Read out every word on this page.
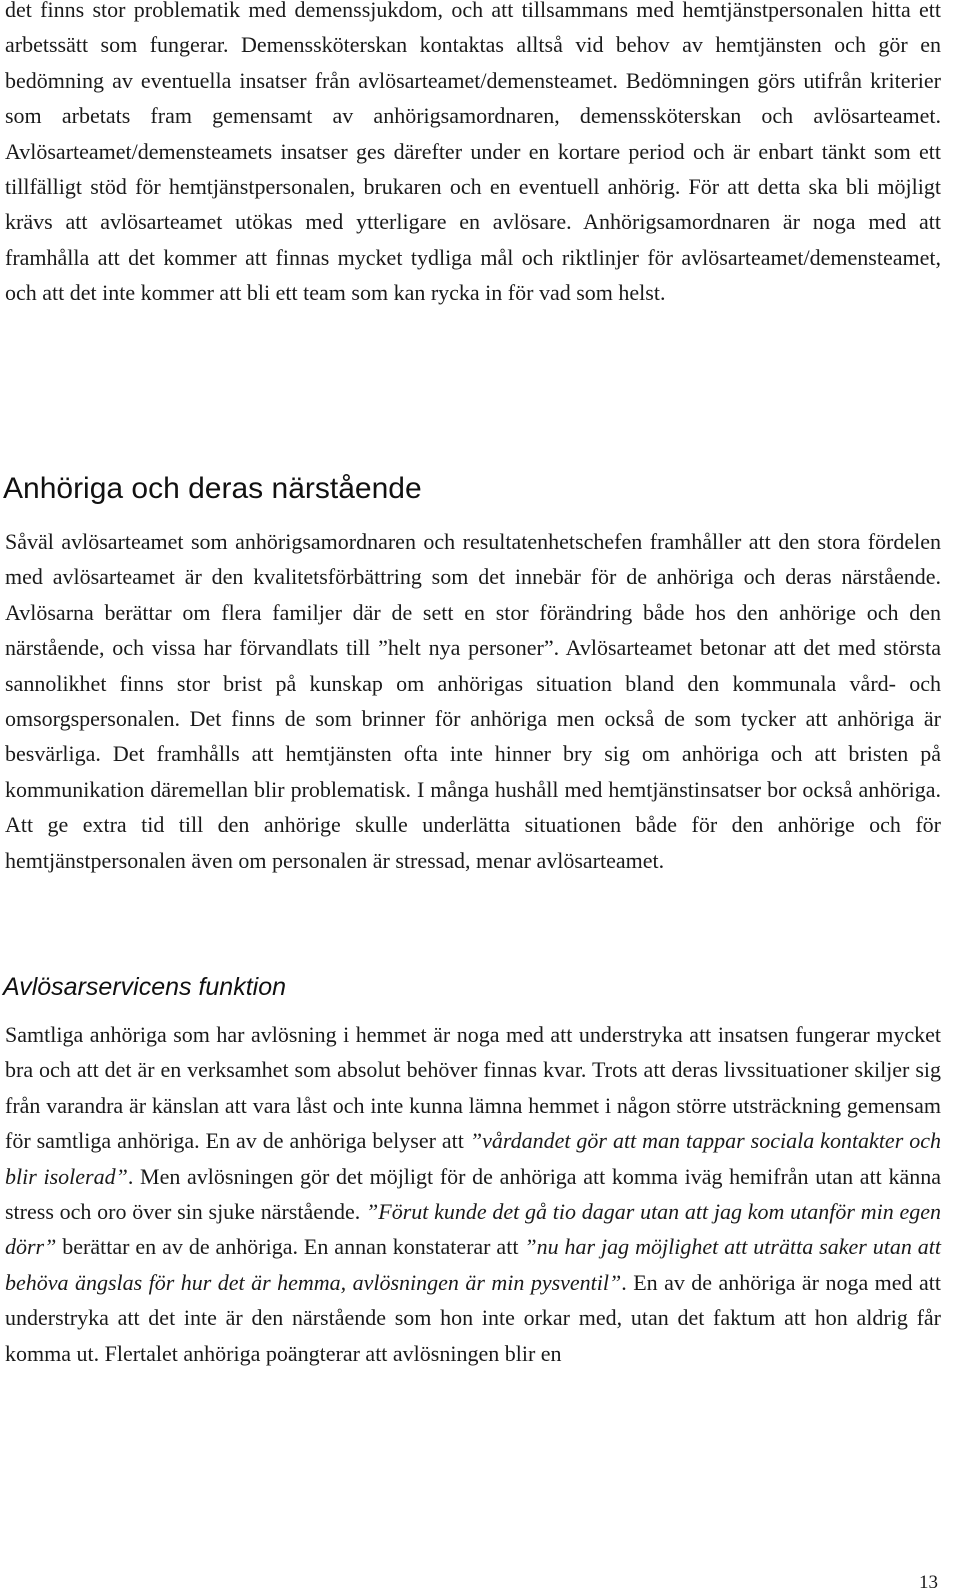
det finns stor problematik med demenssjukdom, och att tillsammans med hemtjänstpersonalen hitta ett arbetssätt som fungerar. Demenssköterskan kontaktas alltså vid behov av hemtjänsten och gör en bedömning av eventuella insatser från avlösarteamet/demensteamet. Bedömningen görs utifrån kriterier som arbetats fram gemensamt av anhörigsamordnaren, demenssköterskan och avlösarteamet. Avlösarteamet/demensteamets insatser ges därefter under en kortare period och är enbart tänkt som ett tillfälligt stöd för hemtjänstpersonalen, brukaren och en eventuell anhörig. För att detta ska bli möjligt krävs att avlösarteamet utökas med ytterligare en avlösare. Anhörigsamordnaren är noga med att framhålla att det kommer att finnas mycket tydliga mål och riktlinjer för avlösarteamet/demensteamet, och att det inte kommer att bli ett team som kan rycka in för vad som helst.

Anhöriga och deras närstående

Såväl avlösarteamet som anhörigsamordnaren och resultatenhetschefen framhåller att den stora fördelen med avlösarteamet är den kvalitetsförbättring som det innebär för de anhöriga och deras närstående. Avlösarna berättar om flera familjer där de sett en stor förändring både hos den anhörige och den närstående, och vissa har förvandlats till ”helt nya personer”. Avlösarteamet betonar att det med största sannolikhet finns stor brist på kunskap om anhörigas situation bland den kommunala vård- och omsorgspersonalen. Det finns de som brinner för anhöriga men också de som tycker att anhöriga är besvärliga. Det framhålls att hemtjänsten ofta inte hinner bry sig om anhöriga och att bristen på kommunikation däremellan blir problematisk. I många hushåll med hemtjänstinsatser bor också anhöriga. Att ge extra tid till den anhörige skulle underlätta situationen både för den anhörige och för hemtjänstpersonalen även om personalen är stressad, menar avlösarteamet.

Avlösarservicens funktion

Samtliga anhöriga som har avlösning i hemmet är noga med att understryka att insatsen fungerar mycket bra och att det är en verksamhet som absolut behöver finnas kvar. Trots att deras livssituationer skiljer sig från varandra är känslan att vara låst och inte kunna lämna hemmet i någon större utsträckning gemensam för samtliga anhöriga. En av de anhöriga belyser att ”vårdandet gör att man tappar sociala kontakter och blir isolerad”. Men avlösningen gör det möjligt för de anhöriga att komma iväg hemifrån utan att känna stress och oro över sin sjuke närstående. ”Förut kunde det gå tio dagar utan att jag kom utanför min egen dörr” berättar en av de anhöriga. En annan konstaterar att ”nu har jag möjlighet att uträtta saker utan att behöva ängslas för hur det är hemma, avlösningen är min pysventil”. En av de anhöriga är noga med att understryka att det inte är den närstående som hon inte orkar med, utan det faktum att hon aldrig får komma ut. Flertalet anhöriga poängterar att avlösningen blir en

13
